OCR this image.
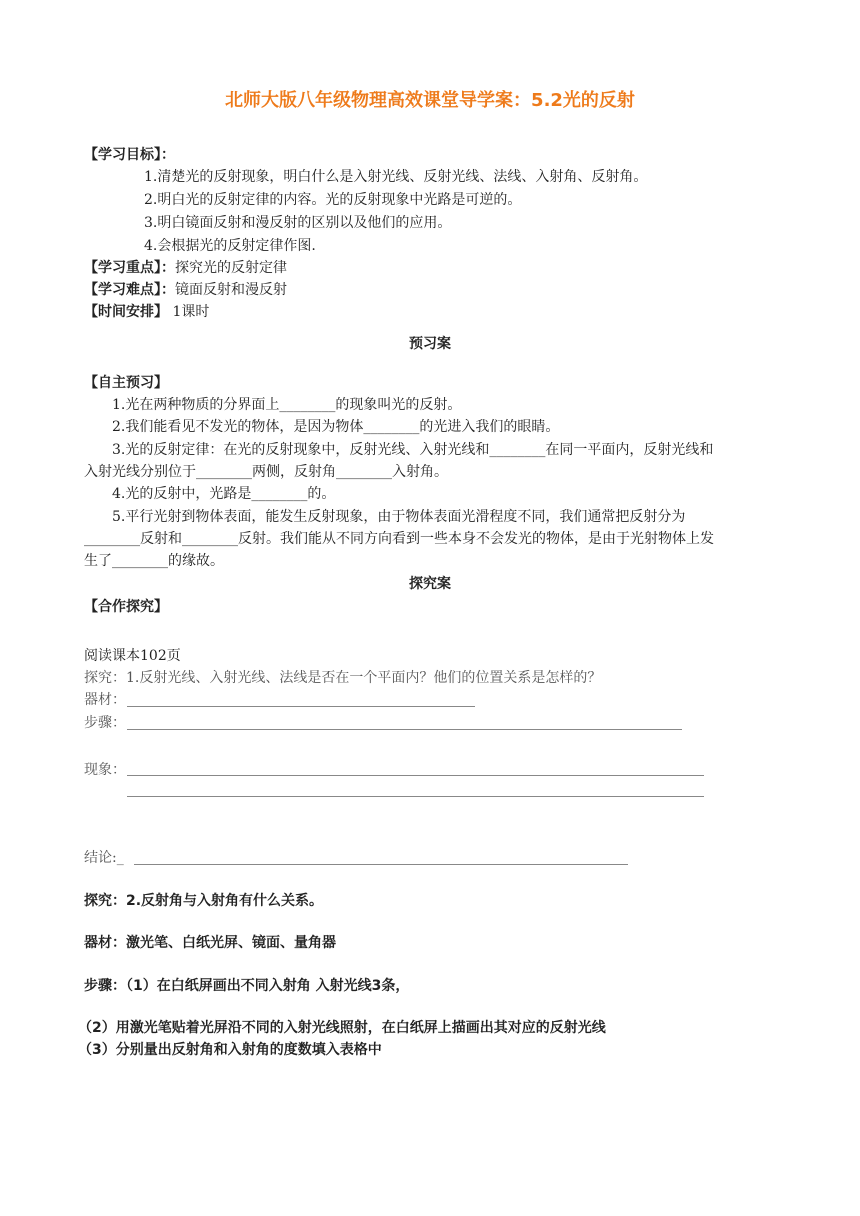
北师大版八年级物理高效课堂导学案：5.2光的反射
【学习目标】：
1.清楚光的反射现象，明白什么是入射光线、反射光线、法线、入射角、反射角。
2.明白光的反射定律的内容。光的反射现象中光路是可逆的。
3.明白镜面反射和漫反射的区别以及他们的应用。
4.会根据光的反射定律作图.
【学习重点】：探究光的反射定律
【学习难点】：镜面反射和漫反射
【时间安排】 1课时
预习案
【自主预习】
1.光在两种物质的分界面上________的现象叫光的反射。
2.我们能看见不发光的物体，是因为物体________的光进入我们的眼睛。
3.光的反射定律：在光的反射现象中，反射光线、入射光线和________在同一平面内，反射光线和
入射光线分别位于________两侧，反射角________入射角。
4.光的反射中，光路是________的。
5.平行光射到物体表面，能发生反射现象，由于物体表面光滑程度不同，我们通常把反射分为
________反射和________反射。我们能从不同方向看到一些本身不会发光的物体，是由于光射物体上发
生了________的缘故。
探究案
【合作探究】
阅读课本102页
探究：1.反射光线、入射光线、法线是否在一个平面内？他们的位置关系是怎样的？
器材：
步骤：
现象：
结论:_
探究：2.反射角与入射角有什么关系。
器材：激光笔、白纸光屏、镜面、量角器
步骤：（1）在白纸屏画出不同入射角 入射光线3条，
（2）用激光笔贴着光屏沿不同的入射光线照射，在白纸屏上描画出其对应的反射光线
（3）分别量出反射角和入射角的度数填入表格中
